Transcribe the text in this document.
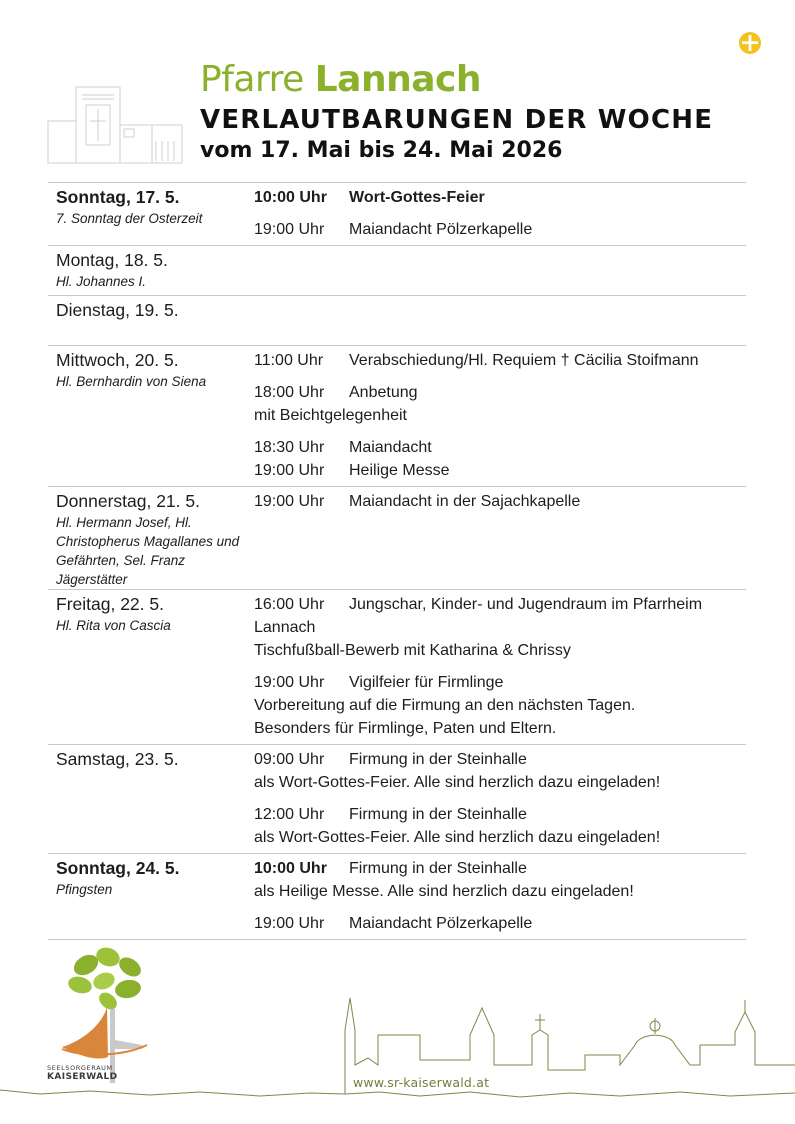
Pfarre Lannach
VERLAUTBARUNGEN DER WOCHE
vom 17. Mai bis 24. Mai 2026
Sonntag, 17. 5.
7. Sonntag der Osterzeit
10:00 Uhr Wort-Gottes-Feier
19:00 Uhr Maiandacht Pölzerkapelle
Montag, 18. 5.
Hl. Johannes I.
Dienstag, 19. 5.
Mittwoch, 20. 5.
Hl. Bernhardin von Siena
11:00 Uhr Verabschiedung/Hl. Requiem † Cäcilia Stoifmann
18:00 Uhr Anbetung
mit Beichtgelegenheit
18:30 Uhr Maiandacht
19:00 Uhr Heilige Messe
Donnerstag, 21. 5.
Hl. Hermann Josef, Hl. Christopherus Magallanes und Gefährten, Sel. Franz Jägerstätter
19:00 Uhr Maiandacht in der Sajachkapelle
Freitag, 22. 5.
Hl. Rita von Cascia
16:00 Uhr Jungschar, Kinder- und Jugendraum im Pfarrheim
Lannach
Tischfußball-Bewerb mit Katharina & Chrissy
19:00 Uhr Vigilfeier für Firmlinge
Vorbereitung auf die Firmung an den nächsten Tagen.
Besonders für Firmlinge, Paten und Eltern.
Samstag, 23. 5.	09:00 Uhr Firmung in der Steinhalle
als Wort-Gottes-Feier. Alle sind herzlich dazu eingeladen!
12:00 Uhr Firmung in der Steinhalle
als Wort-Gottes-Feier. Alle sind herzlich dazu eingeladen!
Sonntag, 24. 5.
Pfingsten
10:00 Uhr Firmung in der Steinhalle
als Heilige Messe. Alle sind herzlich dazu eingeladen!
19:00 Uhr Maiandacht Pölzerkapelle
SEELSORGERAUM
KAISERWALD	www.sr-kaiserwald.at
